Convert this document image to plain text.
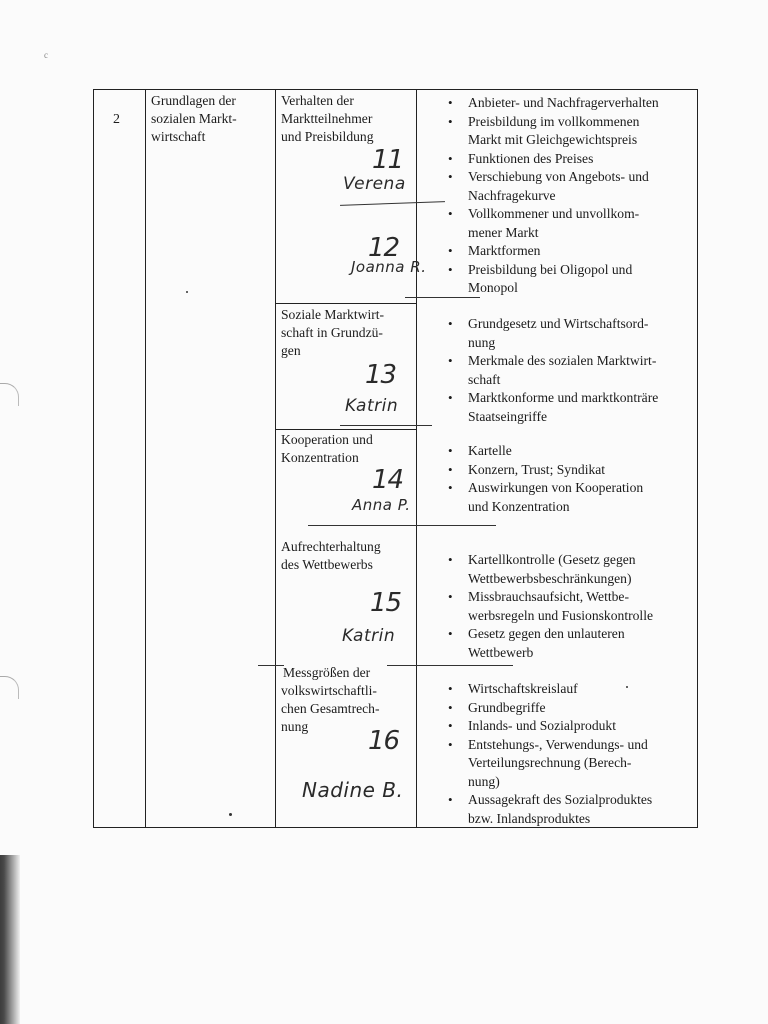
c
2
Grundlagen der
sozialen Markt-
wirtschaft
Verhalten der
Marktteilnehmer
und Preisbildung
Soziale Marktwirt-
schaft in Grundzü-
gen
Kooperation und
Konzentration
Aufrechterhaltung
des Wettbewerbs
Messgrößen der
volkswirtschaftli-
chen Gesamtrech-
nung
• Anbieter- und Nachfragerverhalten
• Preisbildung im vollkommenen
Markt mit Gleichgewichtspreis
• Funktionen des Preises
• Verschiebung von Angebots- und
Nachfragekurve
• Vollkommener und unvollkom-
mener Markt
• Marktformen
• Preisbildung bei Oligopol und
Monopol
• Grundgesetz und Wirtschaftsord-
nung
• Merkmale des sozialen Marktwirt-
schaft
• Marktkonforme und marktkonträre
Staatseingriffe
• Kartelle
• Konzern, Trust; Syndikat
• Auswirkungen von Kooperation
und Konzentration
• Kartellkontrolle (Gesetz gegen
Wettbewerbsbeschränkungen)
• Missbrauchsaufsicht, Wettbe-
werbsregeln und Fusionskontrolle
• Gesetz gegen den unlauteren
Wettbewerb
• Wirtschaftskreislauf
• Grundbegriffe
• Inlands- und Sozialprodukt
• Entstehungs-, Verwendungs- und
Verteilungsrechnung (Berech-
nung)
• Aussagekraft des Sozialproduktes
bzw. Inlandsproduktes
11
Verena
12
Joanna R.
13
Katrin
14
Anna P.
15
Katrin
16
Nadine B.
